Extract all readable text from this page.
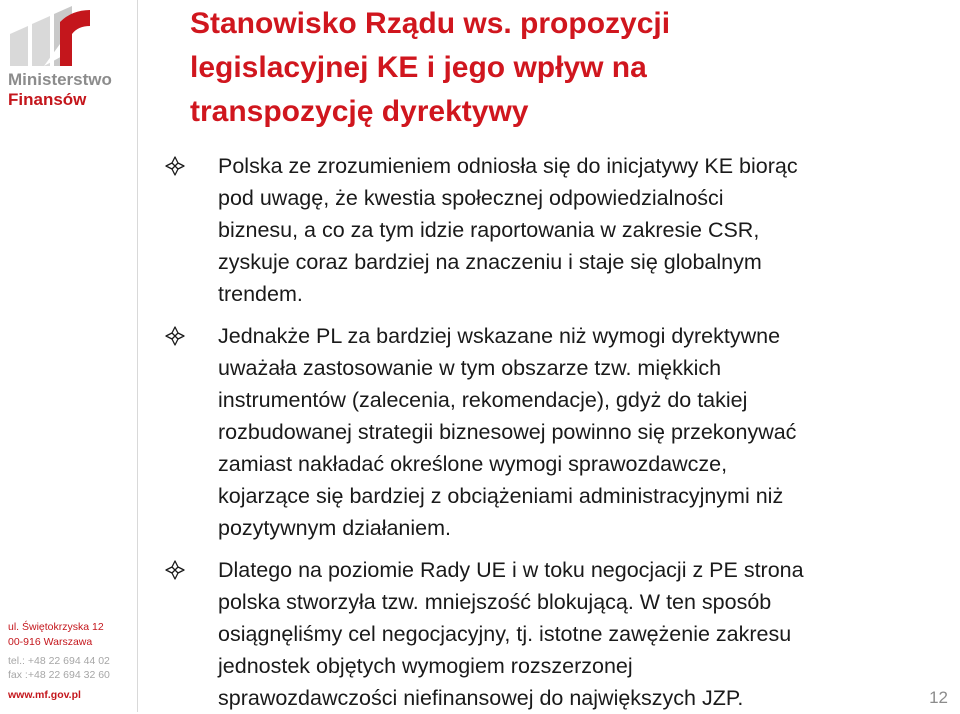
Ministerstwo
Finansów
ul. Świętokrzyska 12
00-916 Warszawa
tel.: +48 22 694 44 02
fax :+48 22 694 32 60
www.mf.gov.pl
Stanowisko Rządu ws. propozycji
legislacyjnej KE i jego wpływ na
transpozycję dyrektywy
Polska ze zrozumieniem odniosła się do inicjatywy KE biorąc
pod uwagę, że kwestia społecznej odpowiedzialności
biznesu, a co za tym idzie raportowania w zakresie CSR,
zyskuje coraz bardziej na znaczeniu i staje się globalnym
trendem.
Jednakże PL za bardziej wskazane niż wymogi dyrektywne
uważała zastosowanie w tym obszarze tzw. miękkich
instrumentów (zalecenia, rekomendacje), gdyż do takiej
rozbudowanej strategii biznesowej powinno się przekonywać
zamiast nakładać określone wymogi sprawozdawcze,
kojarzące się bardziej z obciążeniami administracyjnymi niż
pozytywnym działaniem.
Dlatego na poziomie Rady UE i w toku negocjacji z PE strona
polska stworzyła tzw. mniejszość blokującą. W ten sposób
osiągnęliśmy cel negocjacyjny, tj. istotne zawężenie zakresu
jednostek objętych wymogiem rozszerzonej
sprawozdawczości niefinansowej do największych JZP.	12
